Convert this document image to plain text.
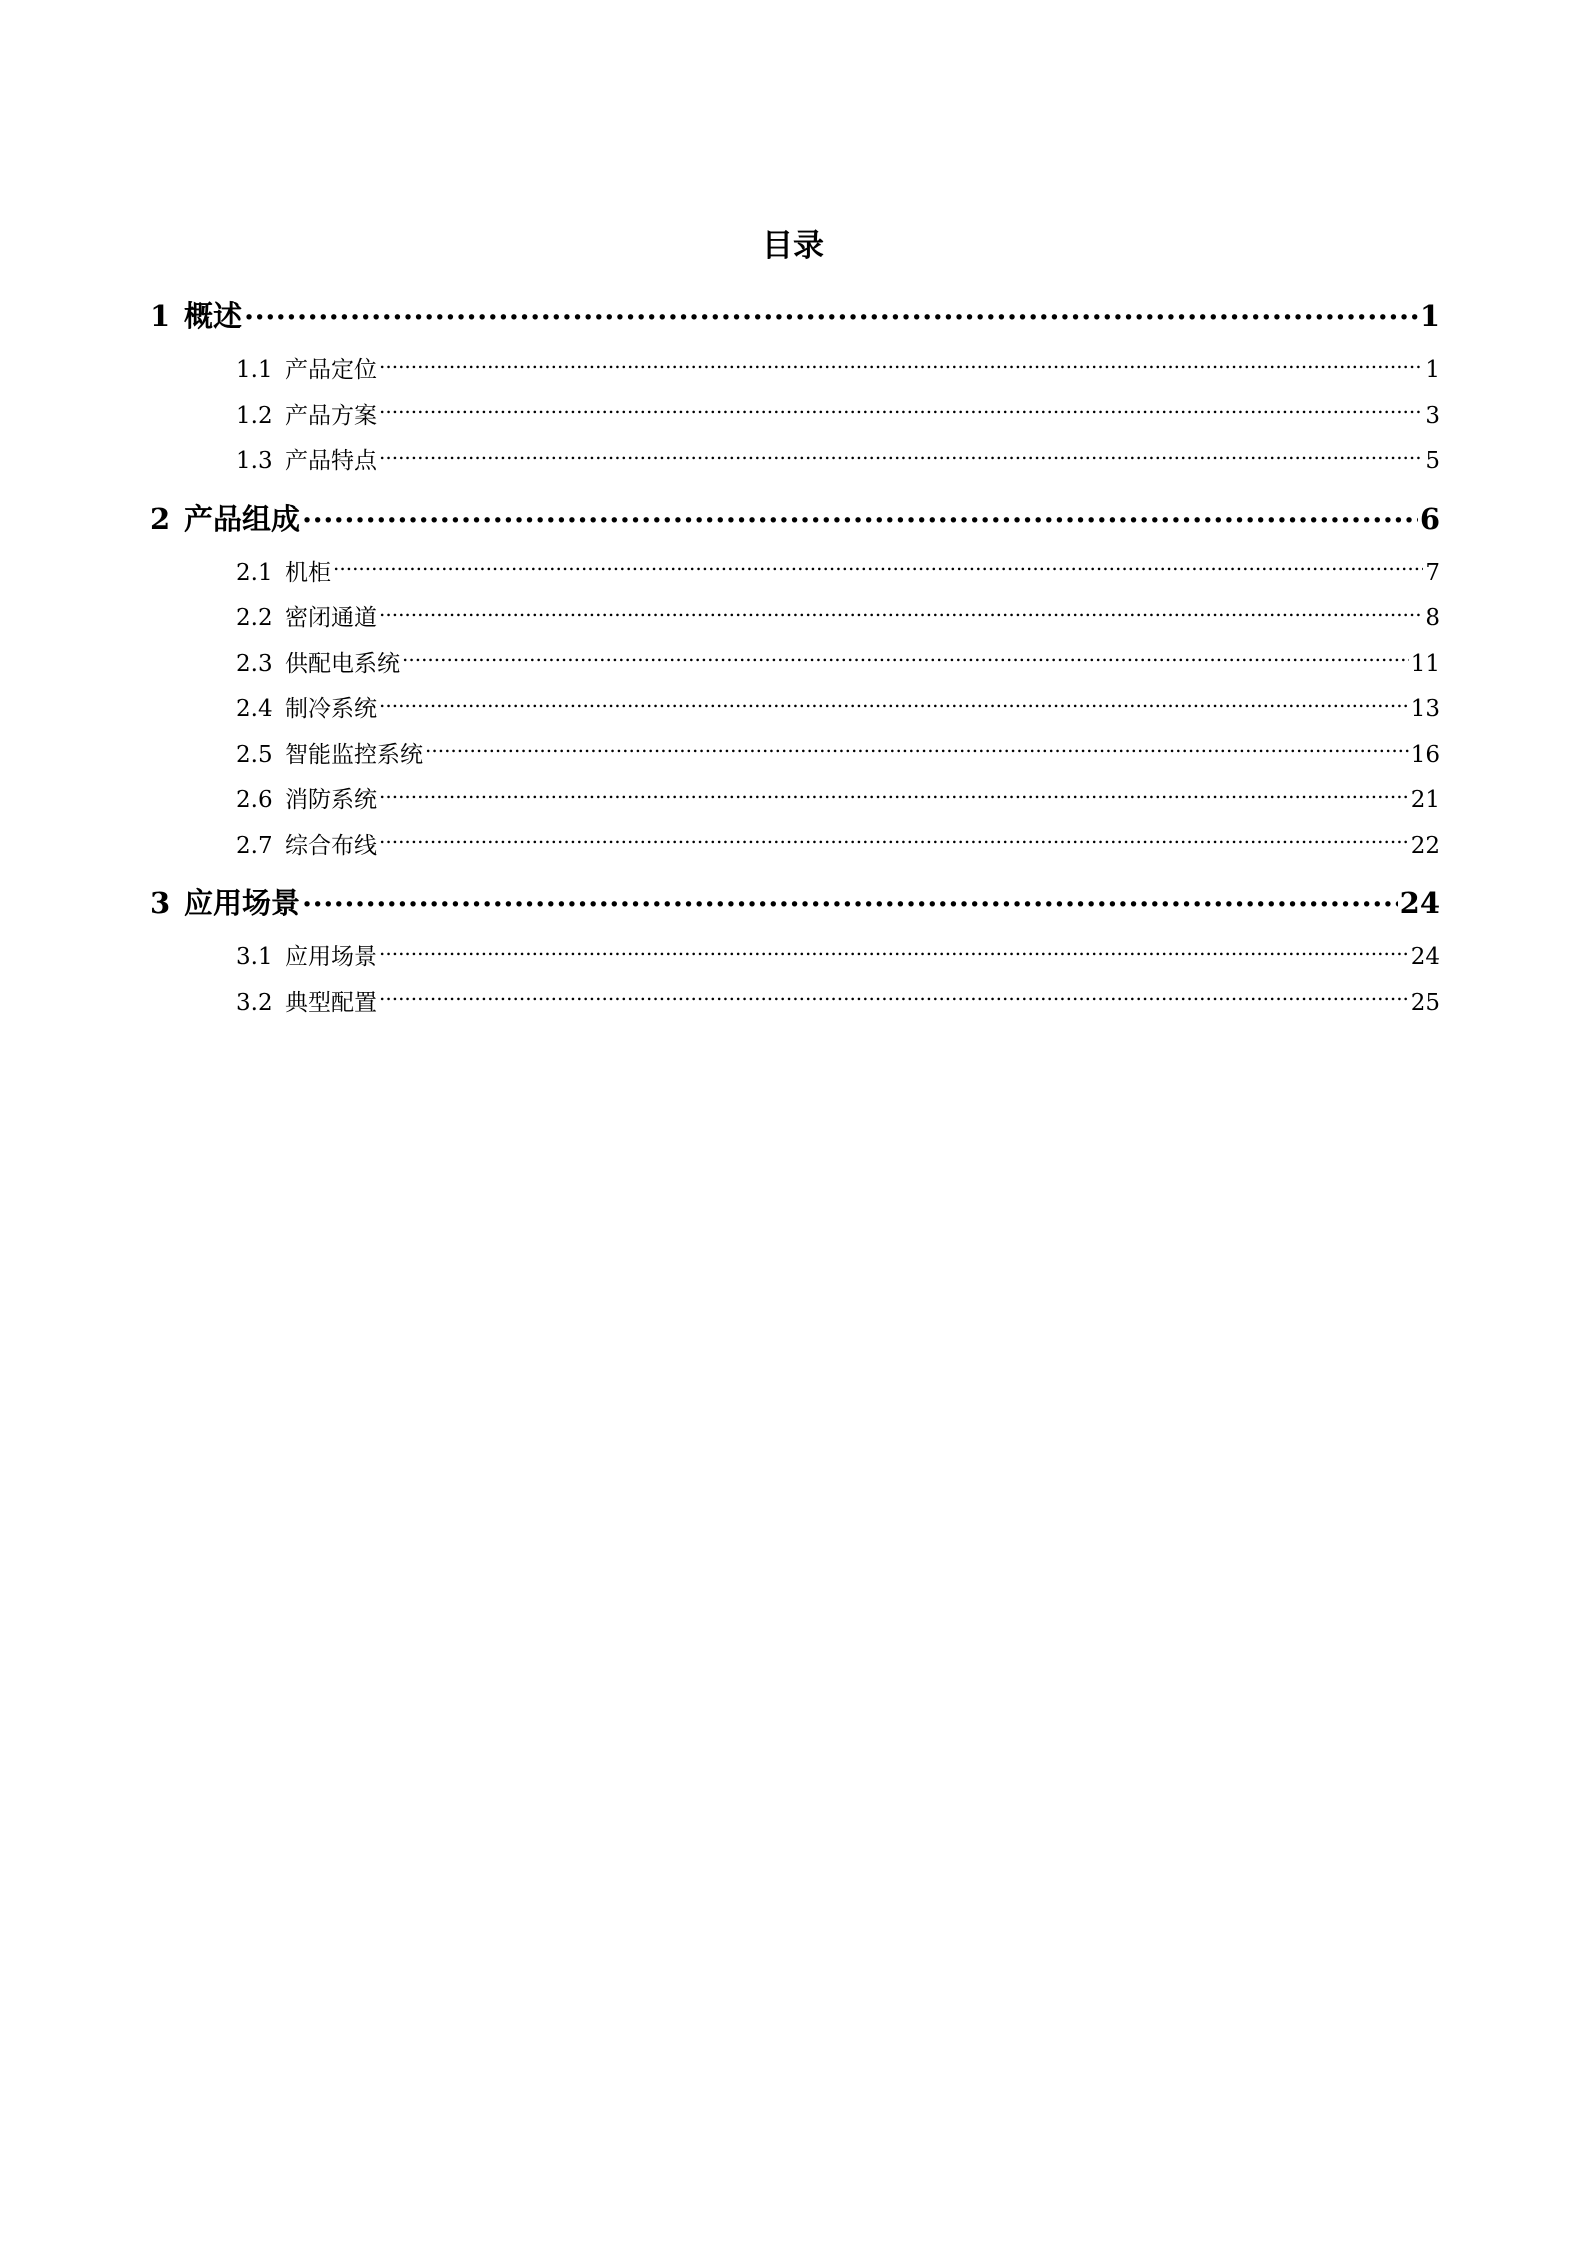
目录
1 概述 .....	1
1.1 产品定位 .....	1
1.2 产品方案 .....	3
1.3 产品特点 .....	5
2 产品组成 .....	6
2.1 机柜 .....	7
2.2 密闭通道 .....	8
2.3 供配电系统 .....	11
2.4 制冷系统 .....	13
2.5 智能监控系统 .....	16
2.6 消防系统 .....	21
2.7 综合布线 .....	22
3 应用场景 .....	24
3.1 应用场景 .....	24
3.2 典型配置 .....	25
